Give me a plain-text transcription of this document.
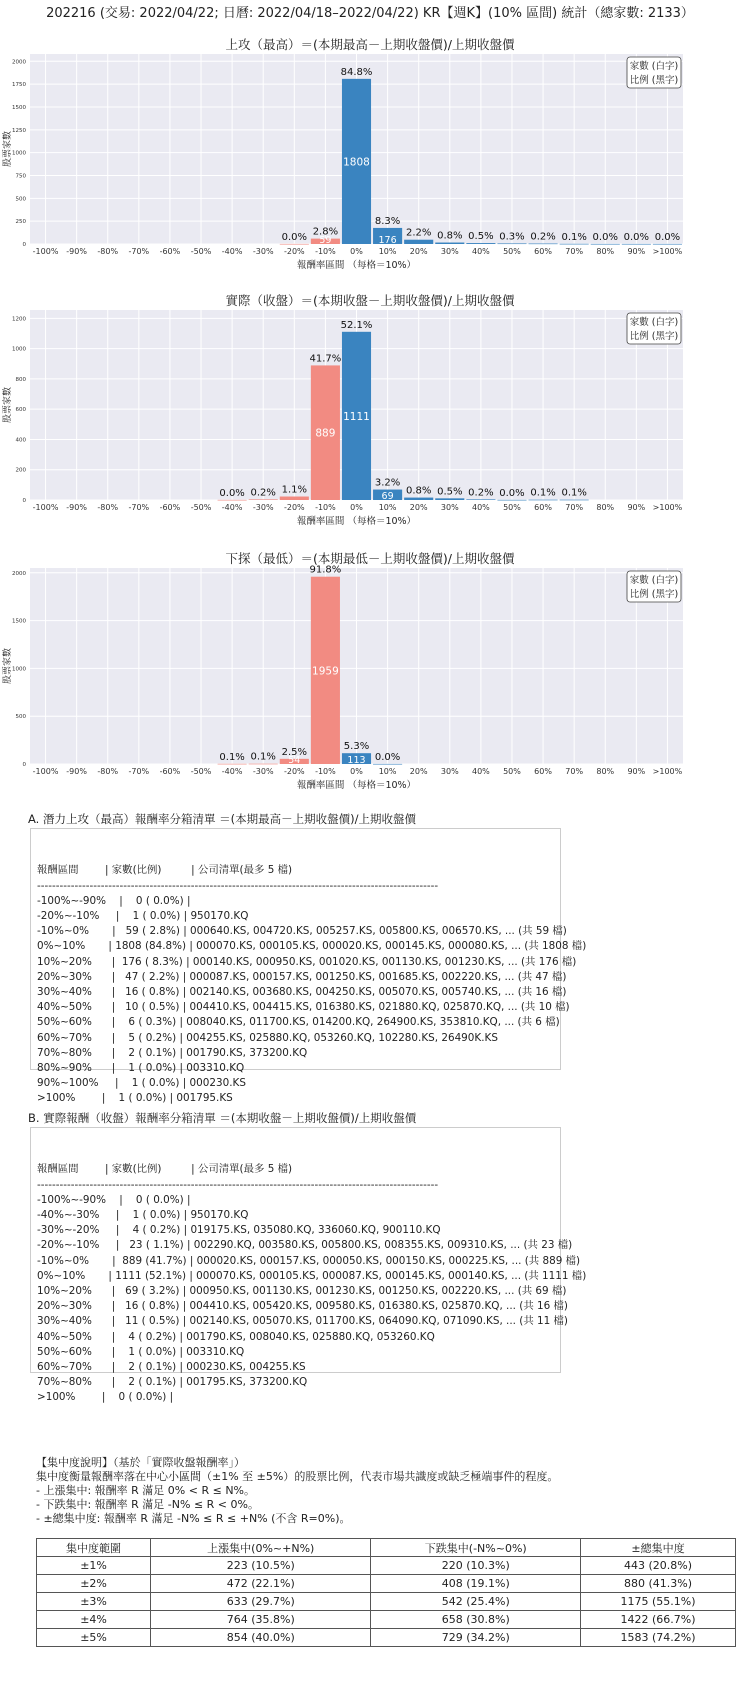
202216 (交易: 2022/04/22; 日曆: 2022/04/18–2022/04/22) KR【週K】(10% 區間) 統計（總家數: 2133）
上攻（最高）＝(本期最高－上期收盤價)/上期收盤價
0
250
500
750
1000
1250
1500
1750
2000
0.0% 2.8%
59
84.8%
1808
8.3%
176
2.2% 0.8% 0.5% 0.3% 0.2% 0.1% 0.0% 0.0% 0.0%
-100% -90% -80% -70% -60% -50% -40% -30% -20% -10% 0% 10% 20% 30% 40% 50% 60% 70% 80% 90% >100%
報酬率區間 （每格＝10%）
股票家數
家數 (白字)
比例 (黑字)
實際（收盤）＝(本期收盤－上期收盤價)/上期收盤價
0
200
400
600
800
1000
1200
0.0% 0.2% 1.1%
41.7%
889
52.1%
1111
3.2%
69 0.8% 0.5% 0.2% 0.0% 0.1% 0.1%
-100% -90% -80% -70% -60% -50% -40% -30% -20% -10% 0% 10% 20% 30% 40% 50% 60% 70% 80% 90% >100%
報酬率區間 （每格＝10%）
股票家數
家數 (白字)
比例 (黑字)
下探（最低）＝(本期最低－上期收盤價)/上期收盤價
0
500
1000
1500
2000
0.1% 0.1% 2.5%
54
91.8%
1959
5.3%
113 0.0%
-100% -90% -80% -70% -60% -50% -40% -30% -20% -10% 0% 10% 20% 30% 40% 50% 60% 70% 80% 90% >100%
報酬率區間 （每格＝10%）
股票家數
家數 (白字)
比例 (黑字)
A. 潛力上攻（最高）報酬率分箱清單 ＝(本期最高－上期收盤價)/上期收盤價

報酬區間        | 家數(比例)         | 公司清單(最多 5 檔)
-----------------------------------------------------------------------------------------------------------
-100%~-90%    |    0 ( 0.0%) |
-20%~-10%     |    1 ( 0.0%) | 950170.KQ
-10%~0%       |   59 ( 2.8%) | 000640.KS, 004720.KS, 005257.KS, 005800.KS, 006570.KS, ... (共 59 檔)
0%~10%       | 1808 (84.8%) | 000070.KS, 000105.KS, 000020.KS, 000145.KS, 000080.KS, ... (共 1808 檔)
10%~20%      |  176 ( 8.3%) | 000140.KS, 000950.KS, 001020.KS, 001130.KS, 001230.KS, ... (共 176 檔)
20%~30%      |   47 ( 2.2%) | 000087.KS, 000157.KS, 001250.KS, 001685.KS, 002220.KS, ... (共 47 檔)
30%~40%      |   16 ( 0.8%) | 002140.KS, 003680.KS, 004250.KS, 005070.KS, 005740.KS, ... (共 16 檔)
40%~50%      |   10 ( 0.5%) | 004410.KS, 004415.KS, 016380.KS, 021880.KQ, 025870.KQ, ... (共 10 檔)
50%~60%      |    6 ( 0.3%) | 008040.KS, 011700.KS, 014200.KQ, 264900.KS, 353810.KQ, ... (共 6 檔)
60%~70%      |    5 ( 0.2%) | 004255.KS, 025880.KQ, 053260.KQ, 102280.KS, 26490K.KS
70%~80%      |    2 ( 0.1%) | 001790.KS, 373200.KQ
80%~90%      |    1 ( 0.0%) | 003310.KQ
90%~100%     |    1 ( 0.0%) | 000230.KS
>100%        |    1 ( 0.0%) | 001795.KS

B. 實際報酬（收盤）報酬率分箱清單 ＝(本期收盤－上期收盤價)/上期收盤價

報酬區間        | 家數(比例)         | 公司清單(最多 5 檔)
-----------------------------------------------------------------------------------------------------------
-100%~-90%    |    0 ( 0.0%) |
-40%~-30%     |    1 ( 0.0%) | 950170.KQ
-30%~-20%     |    4 ( 0.2%) | 019175.KS, 035080.KQ, 336060.KQ, 900110.KQ
-20%~-10%     |   23 ( 1.1%) | 002290.KQ, 003580.KS, 005800.KS, 008355.KS, 009310.KS, ... (共 23 檔)
-10%~0%       |  889 (41.7%) | 000020.KS, 000157.KS, 000050.KS, 000150.KS, 000225.KS, ... (共 889 檔)
0%~10%       | 1111 (52.1%) | 000070.KS, 000105.KS, 000087.KS, 000145.KS, 000140.KS, ... (共 1111 檔)
10%~20%      |   69 ( 3.2%) | 000950.KS, 001130.KS, 001230.KS, 001250.KS, 002220.KS, ... (共 69 檔)
20%~30%      |   16 ( 0.8%) | 004410.KS, 005420.KS, 009580.KS, 016380.KS, 025870.KQ, ... (共 16 檔)
30%~40%      |   11 ( 0.5%) | 002140.KS, 005070.KS, 011700.KS, 064090.KQ, 071090.KS, ... (共 11 檔)
40%~50%      |    4 ( 0.2%) | 001790.KS, 008040.KS, 025880.KQ, 053260.KQ
50%~60%      |    1 ( 0.0%) | 003310.KQ
60%~70%      |    2 ( 0.1%) | 000230.KS, 004255.KS
70%~80%      |    2 ( 0.1%) | 001795.KS, 373200.KQ
>100%        |    0 ( 0.0%) |

【集中度說明】（基於「實際收盤報酬率」）
集中度衡量報酬率落在中心小區間（±1% 至 ±5%）的股票比例，代表市場共識度或缺乏極端事件的程度。
- 上漲集中: 報酬率 R 滿足 0% < R ≤ N%。
- 下跌集中: 報酬率 R 滿足 -N% ≤ R < 0%。
- ±總集中度: 報酬率 R 滿足 -N% ≤ R ≤ +N% (不含 R=0%)。
集中度範圍	上漲集中(0%~+N%)	下跌集中(-N%~0%)	±總集中度
±1%	223 (10.5%)	220 (10.3%)	443 (20.8%)
±2%	472 (22.1%)	408 (19.1%)	880 (41.3%)
±3%	633 (29.7%)	542 (25.4%)	1175 (55.1%)
±4%	764 (35.8%)	658 (30.8%)	1422 (66.7%)
±5%	854 (40.0%)	729 (34.2%)	1583 (74.2%)
